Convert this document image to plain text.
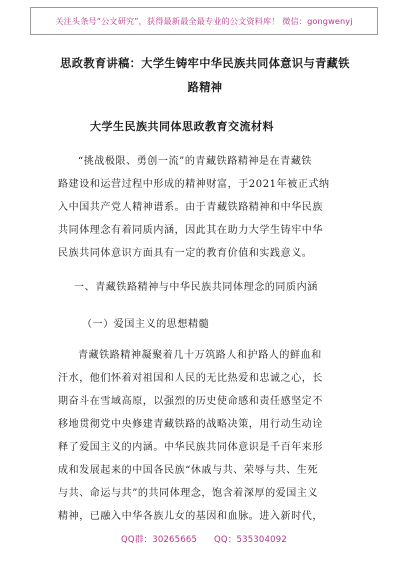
关注头条号“公文研究”，获得最新最全最专业的公文资料库！ 微信：gongwenyj
思政教育讲稿：大学生铸牢中华民族共同体意识与青藏铁
路精神
大学生民族共同体思政教育交流材料
“挑战极限、勇创一流”的青藏铁路精神是在青藏铁
路建设和运营过程中形成的精神财富，于2021年被正式纳
入中国共产党人精神谱系。由于青藏铁路精神和中华民族
共同体理念有着同质内涵，因此其在助力大学生铸牢中华
民族共同体意识方面具有一定的教育价值和实践意义。
一、青藏铁路精神与中华民族共同体理念的同质内涵
（一）爱国主义的思想精髓
青藏铁路精神凝聚着几十万筑路人和护路人的鲜血和
汗水，他们怀着对祖国和人民的无比热爱和忠诚之心，长
期奋斗在雪域高原，以强烈的历史使命感和责任感坚定不
移地贯彻党中央修建青藏铁路的战略决策，用行动生动诠
释了爱国主义的内涵。中华民族共同体意识是千百年来形
成和发展起来的中国各民族“休戚与共、荣辱与共、生死
与共、命运与共”的共同体理念，饱含着深厚的爱国主义
精神，已融入中华各族儿女的基因和血脉。进入新时代，
QQ群：30265665 QQ：535304092
